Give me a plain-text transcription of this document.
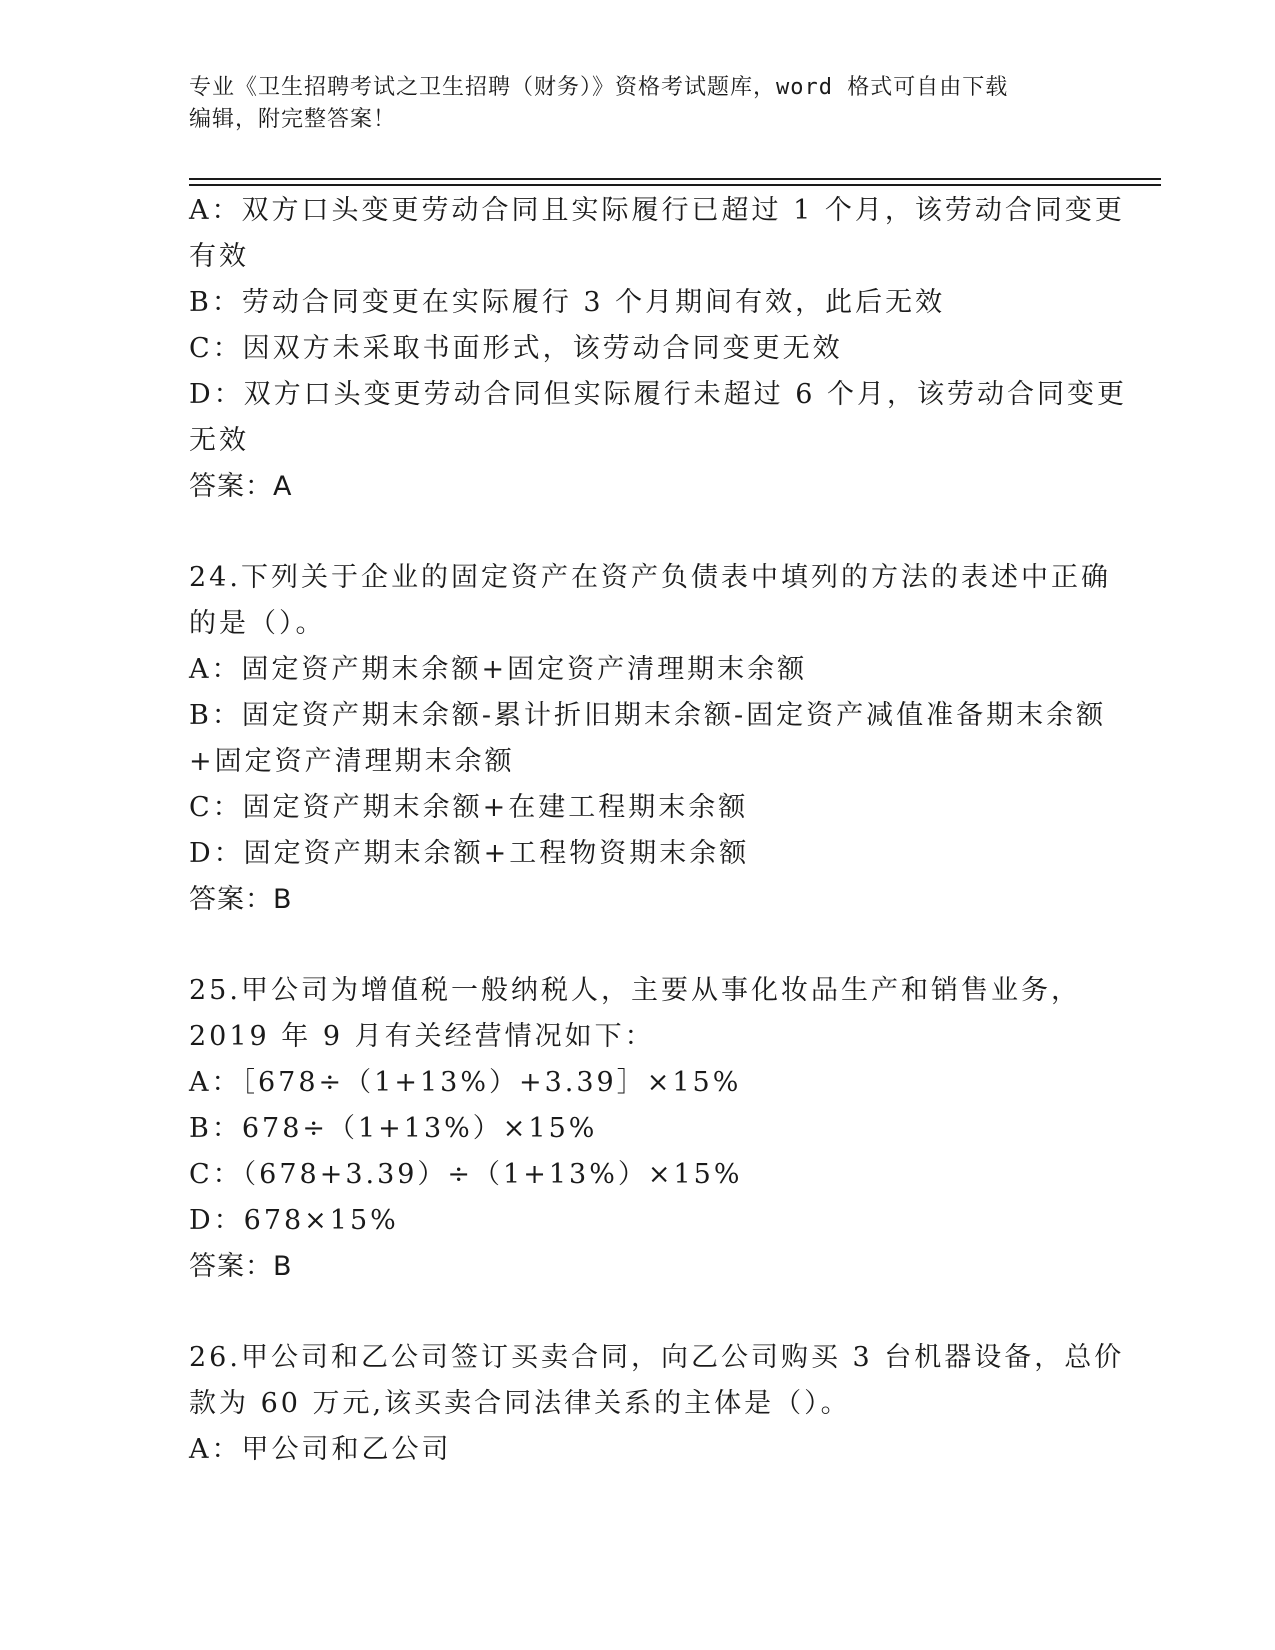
专业《卫生招聘考试之卫生招聘（财务）》资格考试题库，word 格式可自由下载
编辑，附完整答案！
A：双方口头变更劳动合同且实际履行已超过 1 个月，该劳动合同变更
有效
B：劳动合同变更在实际履行 3 个月期间有效，此后无效
C：因双方未采取书面形式，该劳动合同变更无效
D：双方口头变更劳动合同但实际履行未超过 6 个月，该劳动合同变更
无效
答案：A
24.下列关于企业的固定资产在资产负债表中填列的方法的表述中正确
的是（）。
A：固定资产期末余额+固定资产清理期末余额
B：固定资产期末余额-累计折旧期末余额-固定资产减值准备期末余额
+固定资产清理期末余额
C：固定资产期末余额+在建工程期末余额
D：固定资产期末余额+工程物资期末余额
答案：B
25.甲公司为增值税一般纳税人，主要从事化妆品生产和销售业务，
2019 年 9 月有关经营情况如下：
A：［678÷（1+13%）+3.39］×15%
B：678÷（1+13%）×15%
C：（678+3.39）÷（1+13%）×15%
D：678×15%
答案：B
26.甲公司和乙公司签订买卖合同，向乙公司购买 3 台机器设备，总价
款为 60 万元,该买卖合同法律关系的主体是（）。
A：甲公司和乙公司
